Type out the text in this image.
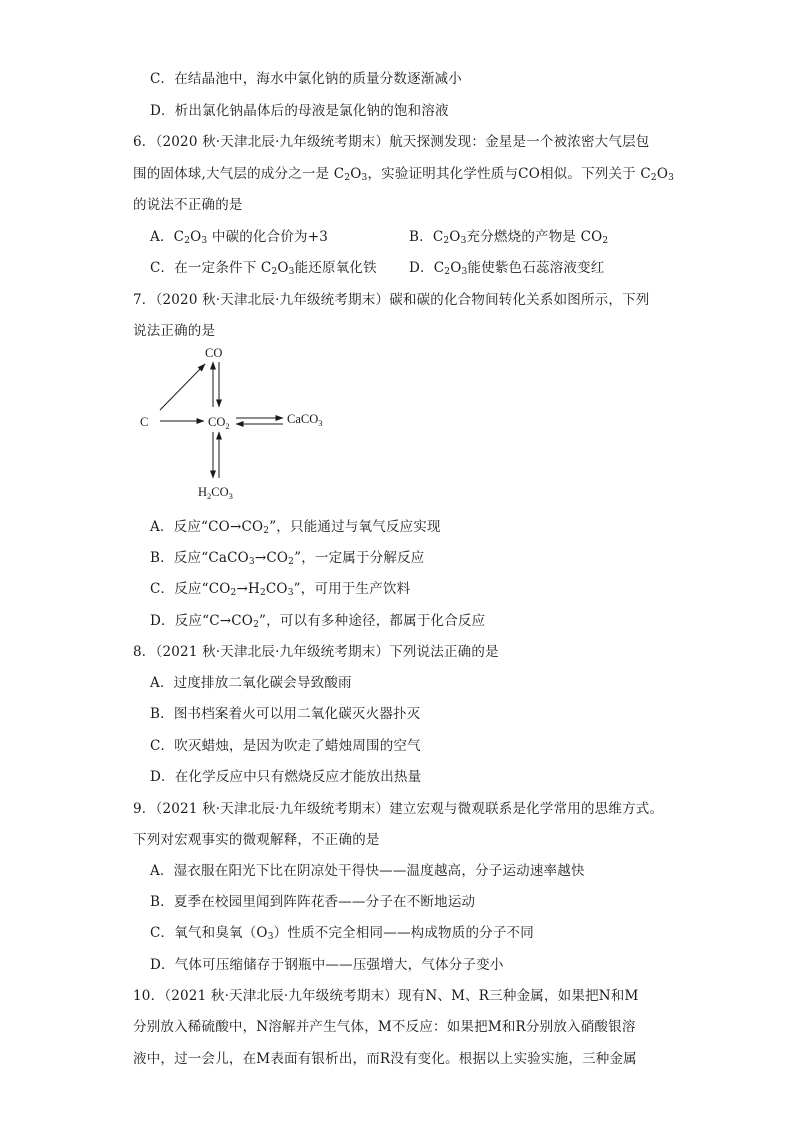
C．在结晶池中，海水中氯化钠的质量分数逐渐减小
D．析出氯化钠晶体后的母液是氯化钠的饱和溶液
6．（2020 秋·天津北辰·九年级统考期末）航天探测发现：金星是一个被浓密大气层包
围的固体球,大气层的成分之一是 $C_2O_3$，实验证明其化学性质与CO相似。下列关于 $C_2O_3$
的说法不正确的是
A．$C_2O_3$ 中碳的化合价为+3	B．$C_2O_3$充分燃烧的产物是 $CO_2$
C．在一定条件下 $C_2O_3$能还原氧化铁 D．$C_2O_3$能使紫色石蕊溶液变红
7．（2020 秋·天津北辰·九年级统考期末）碳和碳的化合物间转化关系如图所示，下列
说法正确的是
C
CO
$CO_2$	CaCO$_3$
$H_2CO_3$
A．反应“$CO\to CO_2$”，只能通过与氧气反应实现
B．反应“$CaCO_3\to CO_2$”，一定属于分解反应
C．反应“$CO_2\to H_2CO_3$”，可用于生产饮料
D．反应“$C\to CO_2$”，可以有多种途径，都属于化合反应
8．（2021 秋·天津北辰·九年级统考期末）下列说法正确的是
A．过度排放二氧化碳会导致酸雨
B．图书档案着火可以用二氧化碳灭火器扑灭
C．吹灭蜡烛，是因为吹走了蜡烛周围的空气
D．在化学反应中只有燃烧反应才能放出热量
9．（2021 秋·天津北辰·九年级统考期末）建立宏观与微观联系是化学常用的思维方式。
下列对宏观事实的微观解释，不正确的是
A．湿衣服在阳光下比在阴凉处干得快——温度越高，分子运动速率越快
B．夏季在校园里闻到阵阵花香——分子在不断地运动
C．氧气和臭氧$(O_3)$性质不完全相同——构成物质的分子不同
D．气体可压缩储存于钢瓶中——压强增大，气体分子变小
10．（2021 秋·天津北辰·九年级统考期末）现有N、M、R三种金属，如果把N和M
分别放入稀硫酸中，N溶解并产生气体，M不反应：如果把M和R分别放入硝酸银溶
液中，过一会儿，在M表面有银析出，而R没有变化。根据以上实验实施，三种金属
